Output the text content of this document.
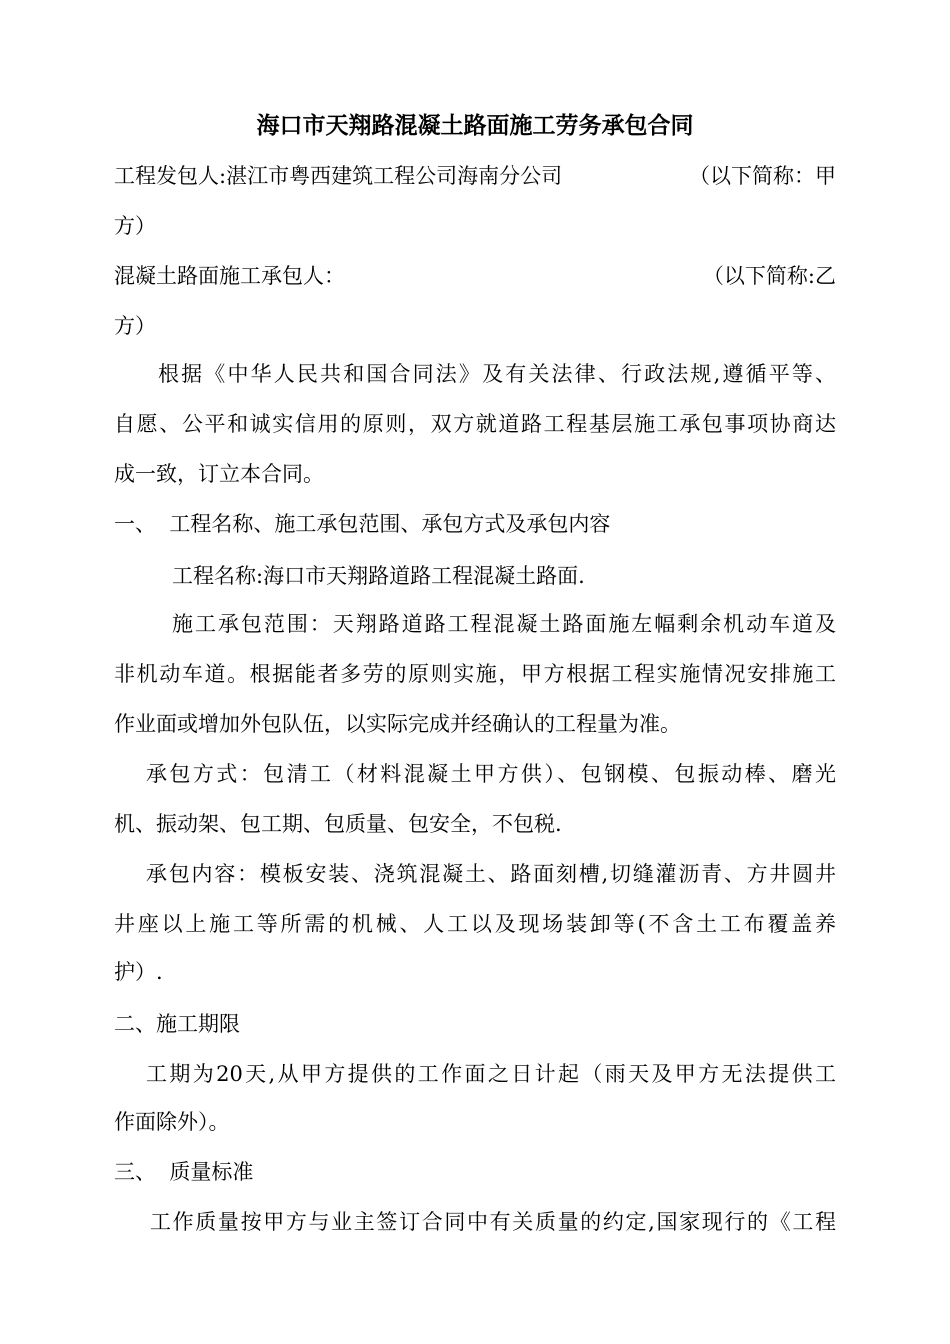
海口市天翔路混凝土路面施工劳务承包合同
工程发包人:湛江市粤西建筑工程公司海南分公司	（以下简称：甲
方）
混凝土路面施工承包人：	（以下简称:乙
方）
根据《中华人民共和国合同法》及有关法律、行政法规,遵循平等、
自愿、公平和诚实信用的原则，双方就道路工程基层施工承包事项协商达
成一致，订立本合同。
一、  工程名称、施工承包范围、承包方式及承包内容
工程名称:海口市天翔路道路工程混凝土路面.
施工承包范围：天翔路道路工程混凝土路面施左幅剩余机动车道及
非机动车道。根据能者多劳的原则实施，甲方根据工程实施情况安排施工
作业面或增加外包队伍，以实际完成并经确认的工程量为准。
承包方式：包清工（材料混凝土甲方供）、包钢模、包振动棒、磨光
机、振动架、包工期、包质量、包安全，不包税.
承包内容：模板安装、浇筑混凝土、路面刻槽,切缝灌沥青、方井圆井
井座以上施工等所需的机械、人工以及现场装卸等(不含土工布覆盖养
护）.
二、施工期限
工期为20天,从甲方提供的工作面之日计起（雨天及甲方无法提供工
作面除外）。
三、  质量标准
工作质量按甲方与业主签订合同中有关质量的约定,国家现行的《工程
